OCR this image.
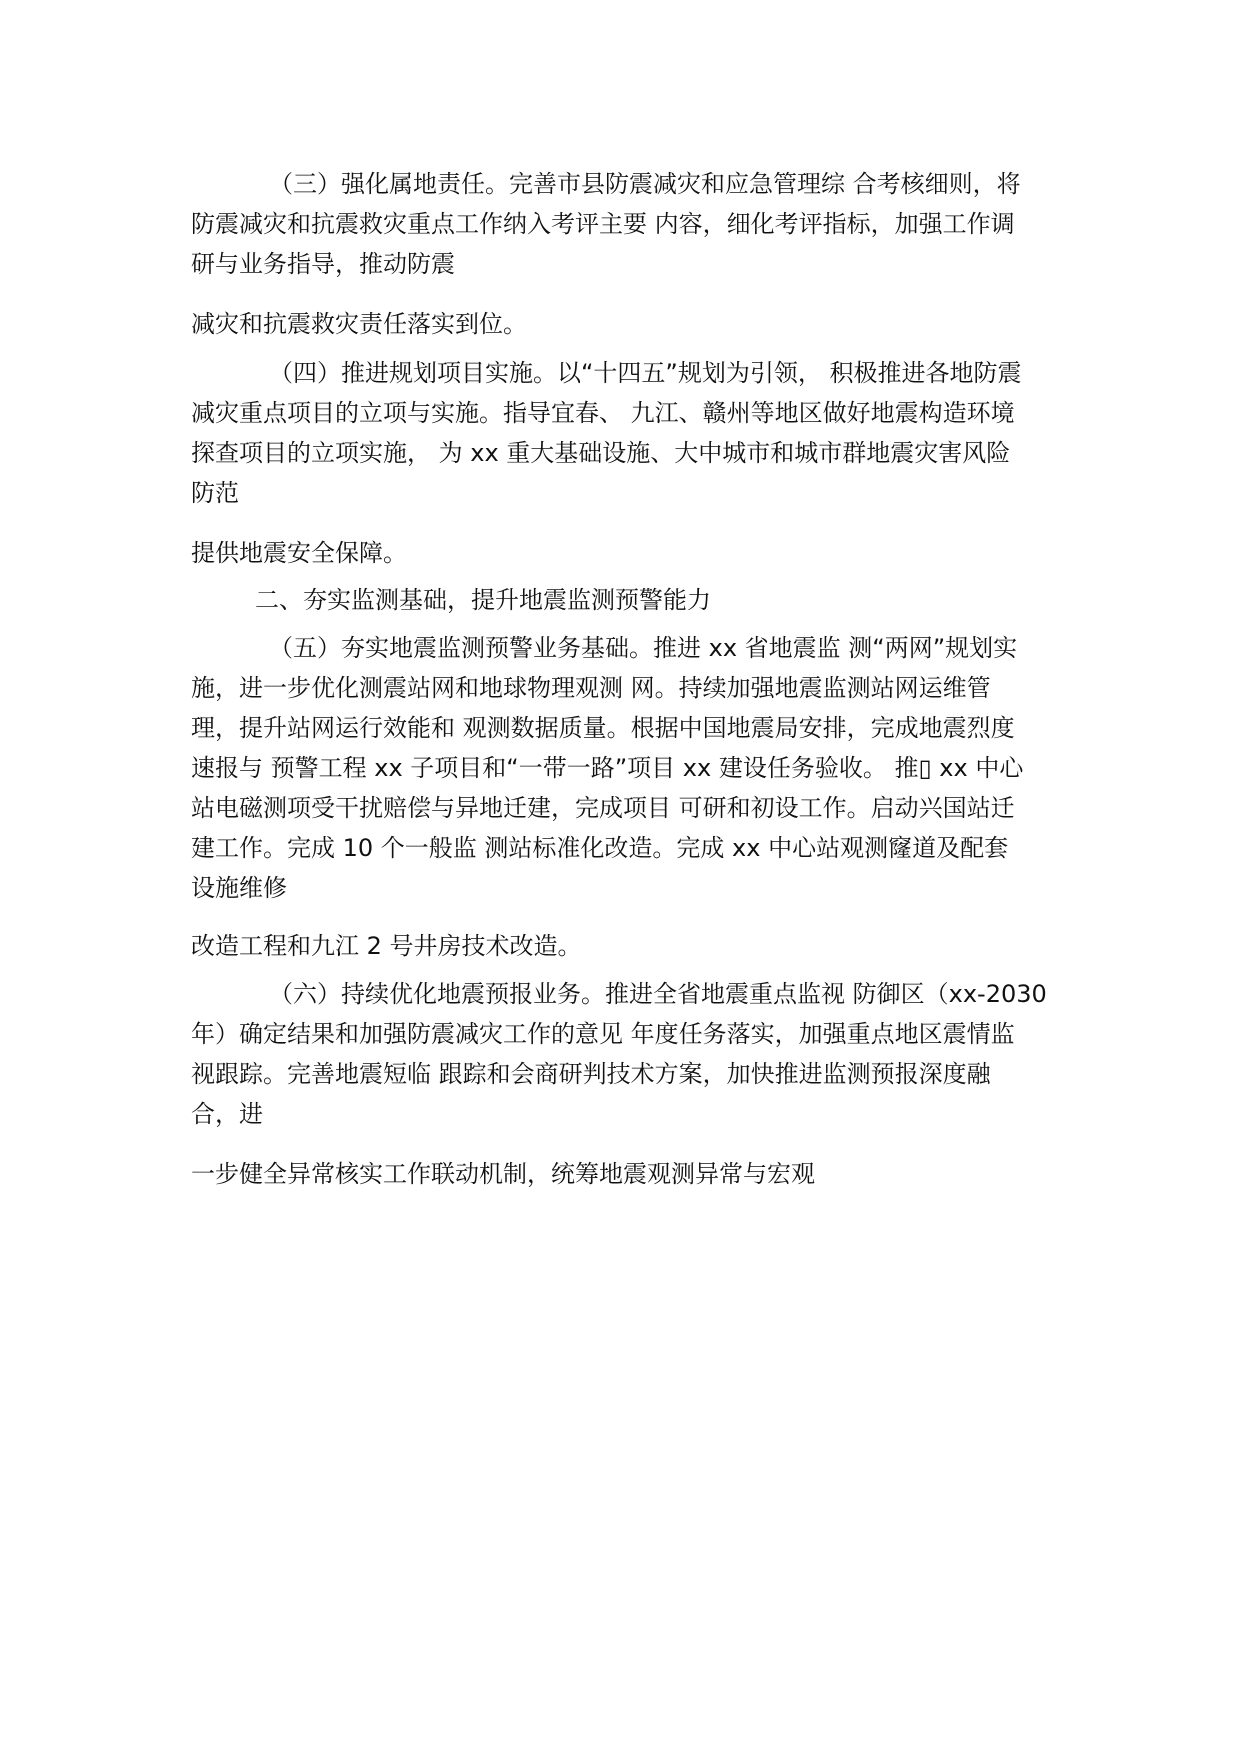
（三）强化属地责任。完善市县防震减灾和应急管理综 合考核细则，将
防震减灾和抗震救灾重点工作纳入考评主要 内容，细化考评指标，加强工作调
研与业务指导，推动防震

减灾和抗震救灾责任落实到位。

（四）推进规划项目实施。以“十四五”规划为引领， 积极推进各地防震
减灾重点项目的立项与实施。指导宜春、 九江、赣州等地区做好地震构造环境
探查项目的立项实施， 为 xx 重大基础设施、大中城市和城市群地震灾害风险
防范

提供地震安全保障。

二、夯实监测基础，提升地震监测预警能力

（五）夯实地震监测预警业务基础。推进 xx 省地震监 测“两网”规划实
施，进一步优化测震站网和地球物理观测 网。持续加强地震监测站网运维管
理，提升站网运行效能和 观测数据质量。根据中国地震局安排，完成地震烈度
速报与 预警工程 xx 子项目和“一带一路”项目 xx 建设任务验收。 推▯ xx 中心
站电磁测项受干扰赔偿与异地迁建，完成项目 可研和初设工作。启动兴国站迁
建工作。完成 10 个一般监 测站标准化改造。完成 xx 中心站观测窿道及配套
设施维修

改造工程和九江 2 号井房技术改造。

（六）持续优化地震预报业务。推进全省地震重点监视 防御区（xx-2030
年）确定结果和加强防震减灾工作的意见 年度任务落实，加强重点地区震情监
视跟踪。完善地震短临 跟踪和会商研判技术方案，加快推进监测预报深度融
合，进

一步健全异常核实工作联动机制，统筹地震观测异常与宏观
